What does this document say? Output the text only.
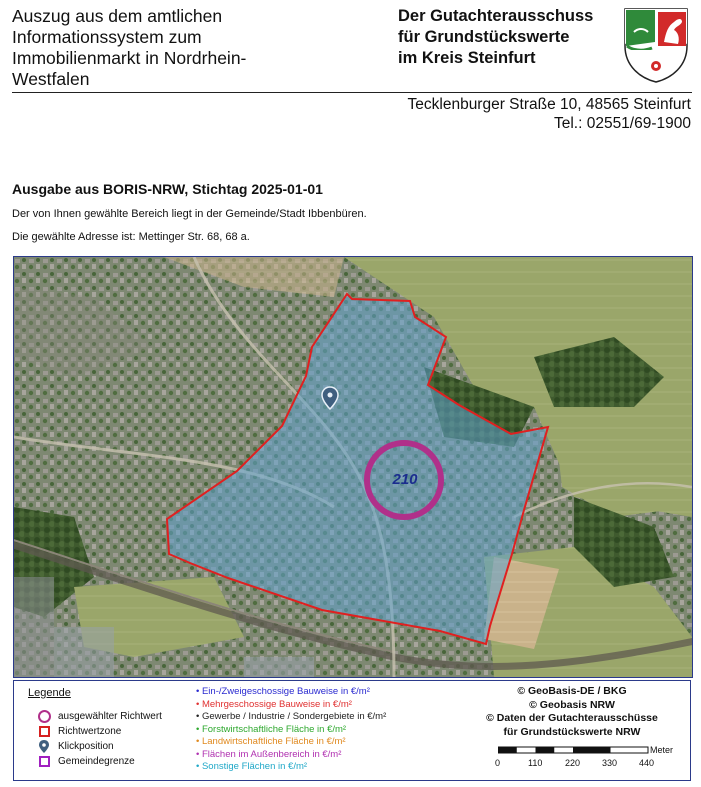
Auszug aus dem amtlichen
Informationssystem zum
Immobilienmarkt in Nordrhein-
Westfalen
Der Gutachterausschuss
für Grundstückswerte
im Kreis Steinfurt
Tecklenburger Straße 10, 48565 Steinfurt
Tel.: 02551/69-1900
Ausgabe aus BORIS-NRW, Stichtag 2025-01-01
Der von Ihnen gewählte Bereich liegt in der Gemeinde/Stadt Ibbenbüren.
Die gewählte Adresse ist: Mettinger Str. 68, 68 a.
210
Legende
ausgewählter Richtwert
Richtwertzone
Klickposition
Gemeindegrenze
• Ein-/Zweigeschossige Bauweise in €/m²
• Mehrgeschossige Bauweise in €/m²
• Gewerbe / Industrie / Sondergebiete in €/m²
• Forstwirtschaftliche Fläche in €/m²
• Landwirtschaftliche Fläche in €/m²
• Flächen im Außenbereich in €/m²
• Sonstige Flächen in €/m²
© GeoBasis-DE / BKG
© Geobasis NRW
© Daten der Gutachterausschüsse
für Grundstückswerte NRW
Meter
0	110	220 330 440
